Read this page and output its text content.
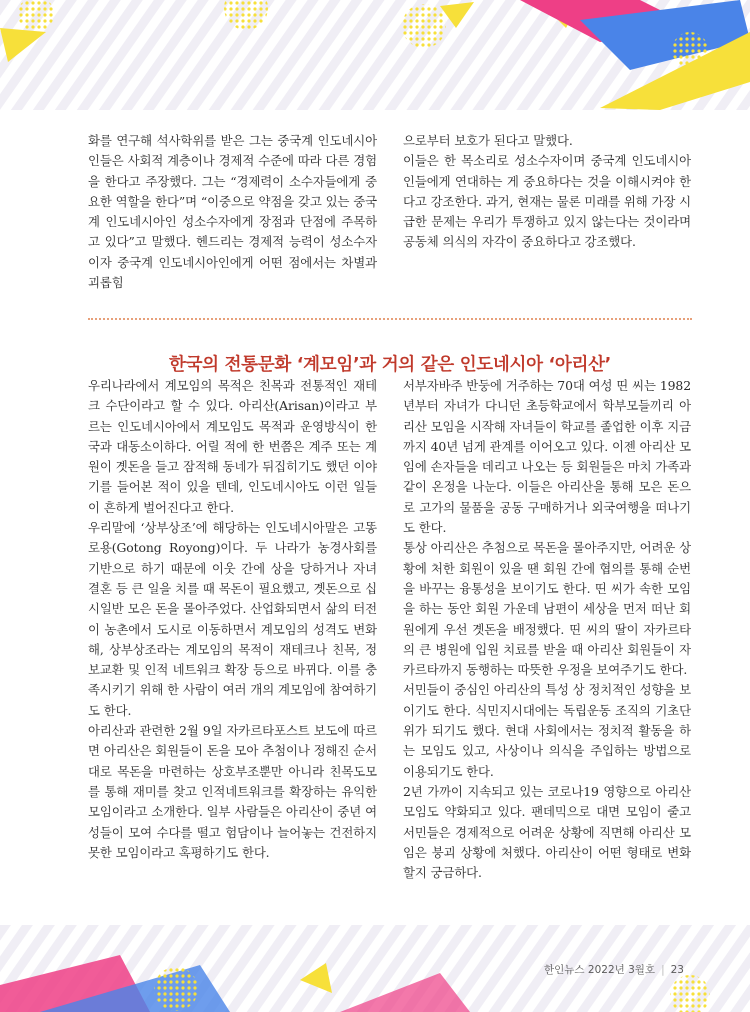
화를 연구해 석사학위를 받은 그는 중국계 인도네시아인들은 사회적 계층이나 경제적 수준에 따라 다른 경험을 한다고 주장했다. 그는 “경제력이 소수자들에게 중요한 역할을 한다”며 “이중으로 약점을 갖고 있는 중국계 인도네시아인 성소수자에게 장점과 단점에 주목하고 있다”고 말했다. 헨드리는 경제적 능력이 성소수자이자 중국계 인도네시아인에게 어떤 점에서는 차별과 괴롭힘

으로부터 보호가 된다고 말했다.

이들은 한 목소리로 성소수자이며 중국계 인도네시아인들에게 연대하는 게 중요하다는 것을 이해시켜야 한다고 강조한다. 과거, 현재는 물론 미래를 위해 가장 시급한 문제는 우리가 투쟁하고 있지 않는다는 것이라며 공동체 의식의 자각이 중요하다고 강조했다.

한국의 전통문화 ‘계모임’과 거의 같은 인도네시아 ‘아리산’

우리나라에서 계모임의 목적은 친목과 전통적인 재테크 수단이라고 할 수 있다. 아리산(Arisan)이라고 부르는 인도네시아에서 계모임도 목적과 운영방식이 한국과 대동소이하다. 어릴 적에 한 번쯤은 계주 또는 계원이 곗돈을 들고 잠적해 동네가 뒤집히기도 했던 이야기를 들어본 적이 있을 텐데, 인도네시아도 이런 일들이 흔하게 벌어진다고 한다.

우리말에 ‘상부상조’에 해당하는 인도네시아말은 고똥로용(Gotong Royong)이다. 두 나라가 농경사회를 기반으로 하기 때문에 이웃 간에 상을 당하거나 자녀 결혼 등 큰 일을 치를 때 목돈이 필요했고, 곗돈으로 십시일반 모은 돈을 몰아주었다. 산업화되면서 삶의 터전이 농촌에서 도시로 이동하면서 계모임의 성격도 변화해, 상부상조라는 계모임의 목적이 재테크나 친목, 정보교환 및 인적 네트워크 확장 등으로 바뀌다. 이를 충족시키기 위해 한 사람이 여러 개의 계모임에 참여하기도 한다.

아리산과 관련한 2월 9일 자카르타포스트 보도에 따르면 아리산은 회원들이 돈을 모아 추첨이나 정해진 순서대로 목돈을 마련하는 상호부조뿐만 아니라 친목도모를 통해 재미를 찾고 인적네트워크를 확장하는 유익한 모임이라고 소개한다. 일부 사람들은 아리산이 중년 여성들이 모여 수다를 떨고 험담이나 늘어놓는 건전하지 못한 모임이라고 혹평하기도 한다.

서부자바주 반둥에 거주하는 70대 여성 띤 씨는 1982년부터 자녀가 다니던 초등학교에서 학부모들끼리 아리산 모임을 시작해 자녀들이 학교를 졸업한 이후 지금까지 40년 넘게 관계를 이어오고 있다. 이젠 아리산 모임에 손자들을 데리고 나오는 등 회원들은 마치 가족과 같이 온정을 나눈다. 이들은 아리산을 통해 모은 돈으로 고가의 물품을 공동 구매하거나 외국여행을 떠나기도 한다.

통상 아리산은 추첨으로 목돈을 몰아주지만, 어려운 상황에 처한 회원이 있을 땐 회원 간에 협의를 통해 순번을 바꾸는 융통성을 보이기도 한다. 띤 씨가 속한 모임을 하는 동안 회원 가운데 남편이 세상을 먼저 떠난 회원에게 우선 곗돈을 배정했다. 띤 씨의 딸이 자카르타의 큰 병원에 입원 치료를 받을 때 아리산 회원들이 자카르타까지 동행하는 따뜻한 우정을 보여주기도 한다.

서민들이 중심인 아리산의 특성 상 정치적인 성향을 보이기도 한다. 식민지시대에는 독립운동 조직의 기초단위가 되기도 했다. 현대 사회에서는 정치적 활동을 하는 모임도 있고, 사상이나 의식을 주입하는 방법으로 이용되기도 한다.

2년 가까이 지속되고 있는 코로나19 영향으로 아리산 모임도 약화되고 있다. 팬데믹으로 대면 모임이 줄고 서민들은 경제적으로 어려운 상황에 직면해 아리산 모임은 붕괴 상황에 처했다. 아리산이 어떤 형태로 변화할지 궁금하다.

한인뉴스 2022년 3월호 | 23
